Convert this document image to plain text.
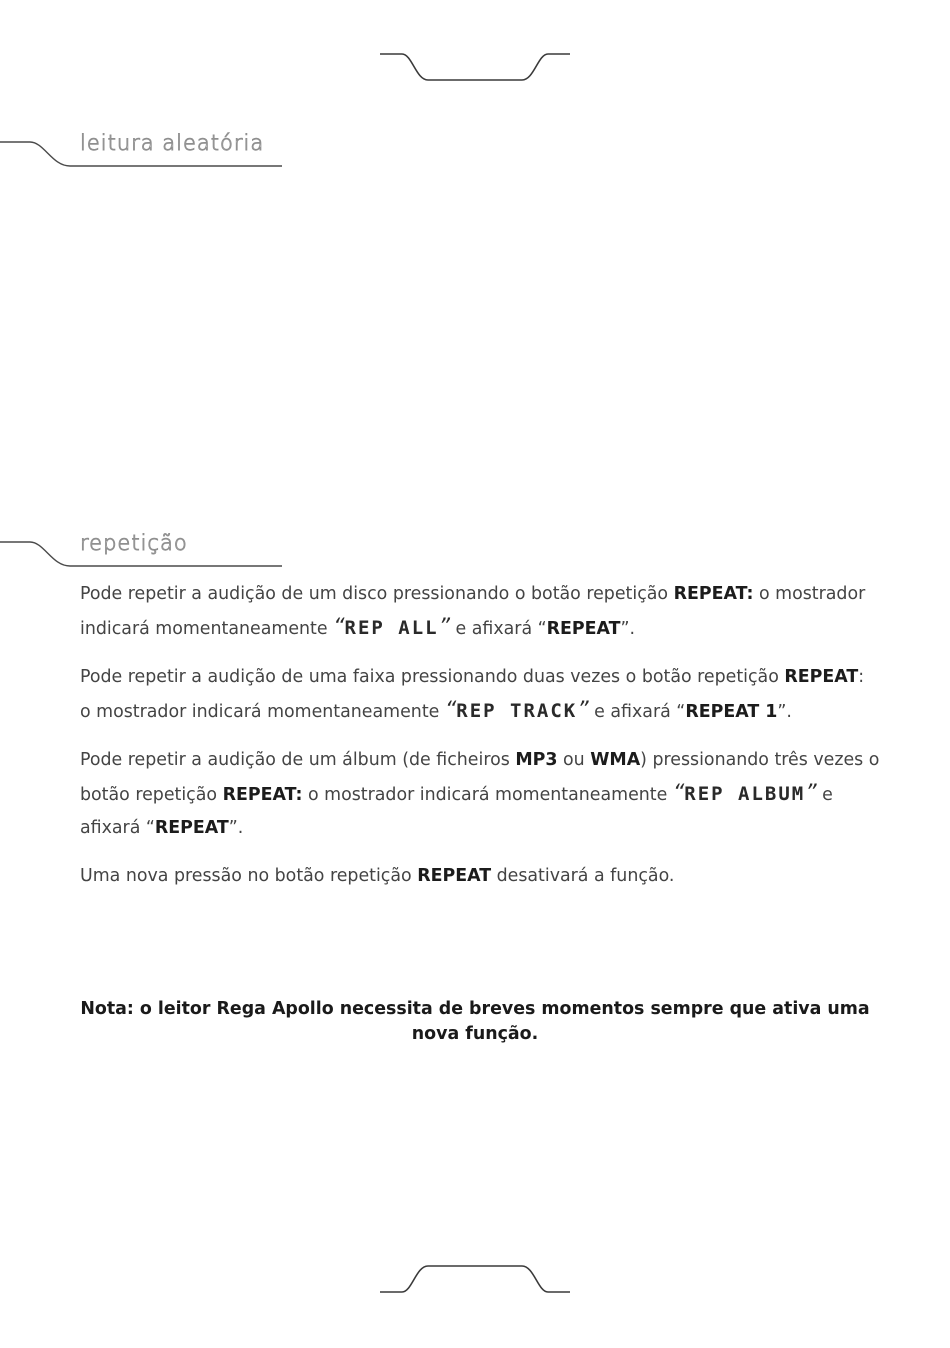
leitura aleatória
repetição

Pode repetir a audição de um disco pressionando o botão repetição REPEAT: o mostrador indicará momentaneamente “REP ALL” e afixará “REPEAT”.

Pode repetir a audição de uma faixa pressionando duas vezes o botão repetição REPEAT: o mostrador indicará momentaneamente “REP TRACK” e afixará “REPEAT 1”.

Pode repetir a audição de um álbum (de ficheiros MP3 ou WMA) pressionando três vezes o botão repetição REPEAT: o mostrador indicará momentaneamente “REP ALBUM” e afixará “REPEAT”.

Uma nova pressão no botão repetição REPEAT desativará a função.

Nota: o leitor Rega Apollo necessita de breves momentos sempre que ativa uma
nova função.
